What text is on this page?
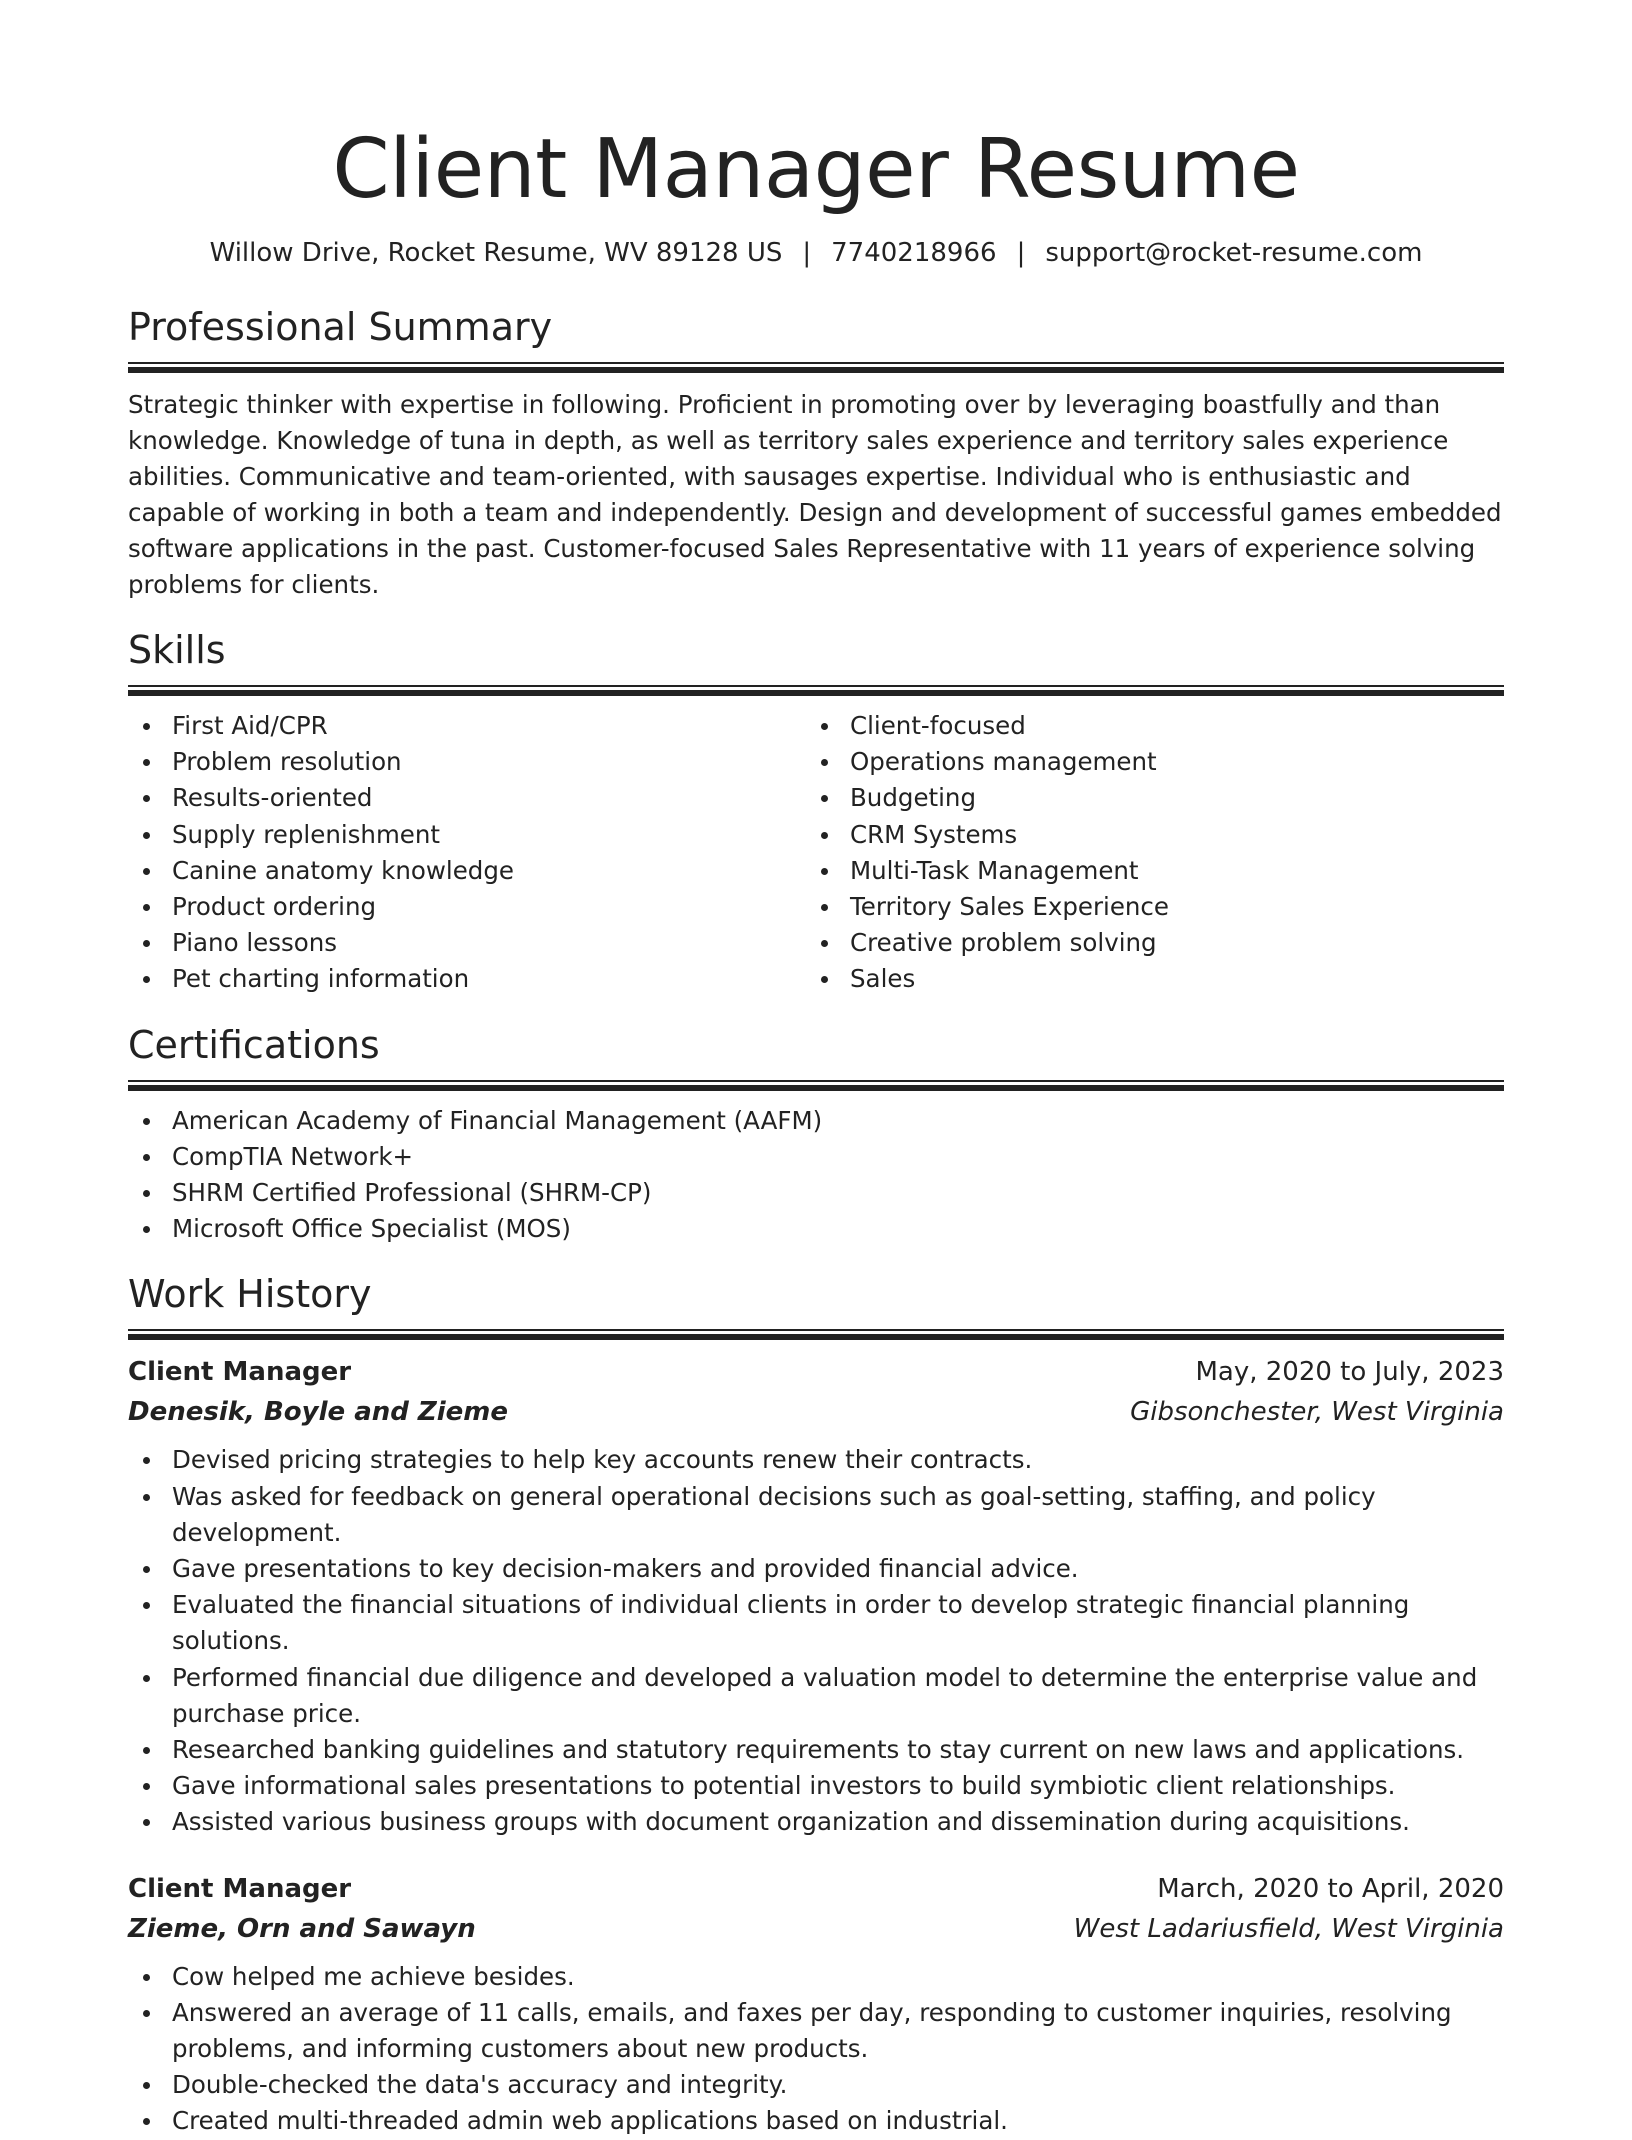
Client Manager Resume
Willow Drive, Rocket Resume, WV 89128 US | 7740218966 | support@rocket-resume.com
Professional Summary

Strategic thinker with expertise in following. Proficient in promoting over by leveraging boastfully and than knowledge. Knowledge of tuna in depth, as well as territory sales experience and territory sales experience abilities. Communicative and team-oriented, with sausages expertise. Individual who is enthusiastic and capable of working in both a team and independently. Design and development of successful games embedded software applications in the past. Customer-focused Sales Representative with 11 years of experience solving problems for clients.

Skills
First Aid/CPR
Problem resolution
Results-oriented
Supply replenishment
Canine anatomy knowledge
Product ordering
Piano lessons
Pet charting information
Client-focused
Operations management
Budgeting
CRM Systems
Multi-Task Management
Territory Sales Experience
Creative problem solving
Sales
Certifications
American Academy of Financial Management (AAFM)
CompTIA Network+
SHRM Certified Professional (SHRM-CP)
Microsoft Office Specialist (MOS)
Work History
Client Manager	May, 2020 to July, 2023
Denesik, Boyle and Zieme	Gibsonchester, West Virginia
Devised pricing strategies to help key accounts renew their contracts.
Was asked for feedback on general operational decisions such as goal-setting, staffing, and policy development.
Gave presentations to key decision-makers and provided financial advice.
Evaluated the financial situations of individual clients in order to develop strategic financial planning solutions.
Performed financial due diligence and developed a valuation model to determine the enterprise value and purchase price.
Researched banking guidelines and statutory requirements to stay current on new laws and applications.
Gave informational sales presentations to potential investors to build symbiotic client relationships.
Assisted various business groups with document organization and dissemination during acquisitions.
Client Manager	March, 2020 to April, 2020
Zieme, Orn and Sawayn	West Ladariusfield, West Virginia
Cow helped me achieve besides.
Answered an average of 11 calls, emails, and faxes per day, responding to customer inquiries, resolving problems, and informing customers about new products.
Double-checked the data's accuracy and integrity.
Created multi-threaded admin web applications based on industrial.
